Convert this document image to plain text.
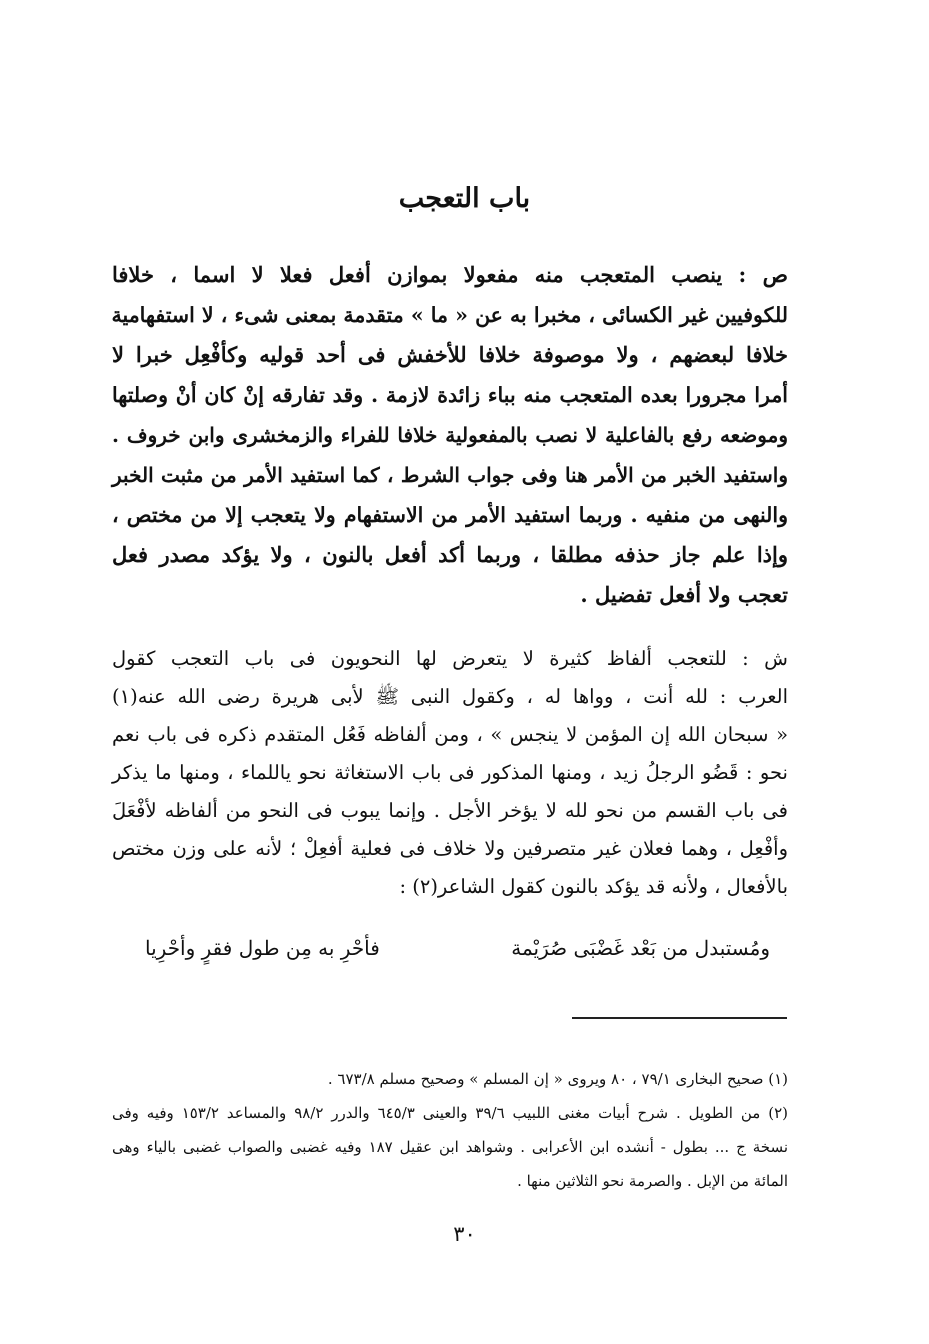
باب التعجب
ص : ينصب المتعجب منه مفعولا بموازن أفعل فعلا لا اسما ، خلافا
للكوفيين غير الكسائى ، مخبرا به عن « ما » متقدمة بمعنى شىء ، لا استفهامية
خلافا لبعضهم ، ولا موصوفة خلافا للأخفش فى أحد قوليه وكأفْعِل خبرا لا
أمرا مجرورا بعده المتعجب منه بباء زائدة لازمة . وقد تفارقه إنْ كان أنْ وصلتها
وموضعه رفع بالفاعلية لا نصب بالمفعولية خلافا للفراء والزمخشرى وابن خروف .
واستفيد الخبر من الأمر هنا وفى جواب الشرط ، كما استفيد الأمر من مثبت الخبر
والنهى من منفيه . وربما استفيد الأمر من الاستفهام ولا يتعجب إلا من مختص ،
وإذا علم جاز حذفه مطلقا ، وربما أكد أفعل بالنون ، ولا يؤكد مصدر فعل
تعجب ولا أفعل تفضيل .
ش : للتعجب ألفاظ كثيرة لا يتعرض لها النحويون فى باب التعجب كقول
العرب : لله أنت ، وواها له ، وكقول النبى ﷺ لأبى هريرة رضى الله عنه(١)
« سبحان الله إن المؤمن لا ينجس » ، ومن ألفاظه فَعُل المتقدم ذكره فى باب نعم
نحو : قَضُو الرجلُ زيد ، ومنها المذكور فى باب الاستغاثة نحو ياللماء ، ومنها ما يذكر
فى باب القسم من نحو لله لا يؤخر الأجل . وإنما يبوب فى النحو من ألفاظه لأفْعَلَ
وأفْعِل ، وهما فعلان غير متصرفين ولا خلاف فى فعلية أفعِلْ ؛ لأنه على وزن مختص
بالأفعال ، ولأنه قد يؤكد بالنون كقول الشاعر(٢) :
ومُستبدل من بَعْد غَضْبَى صُرَيْمة
فأحْرِ به مِن طول فقرٍ وأحْرِيا
(١) صحيح البخارى ٧٩/١ ، ٨٠ ويروى « إن المسلم » وصحيح مسلم ٦٧٣/٨ .
(٢) من الطويل . شرح أبيات مغنى اللبيب ٣٩/٦ والعينى ٦٤٥/٣ والدرر ٩٨/٢ والمساعد ١٥٣/٢ وفيه وفى
نسخة ج ... بطول - أنشده ابن الأعرابى . وشواهد ابن عقيل ١٨٧ وفيه غضبى والصواب غضبى بالياء وهى
المائة من الإبل . والصرمة نحو الثلاثين منها .
٣٠
